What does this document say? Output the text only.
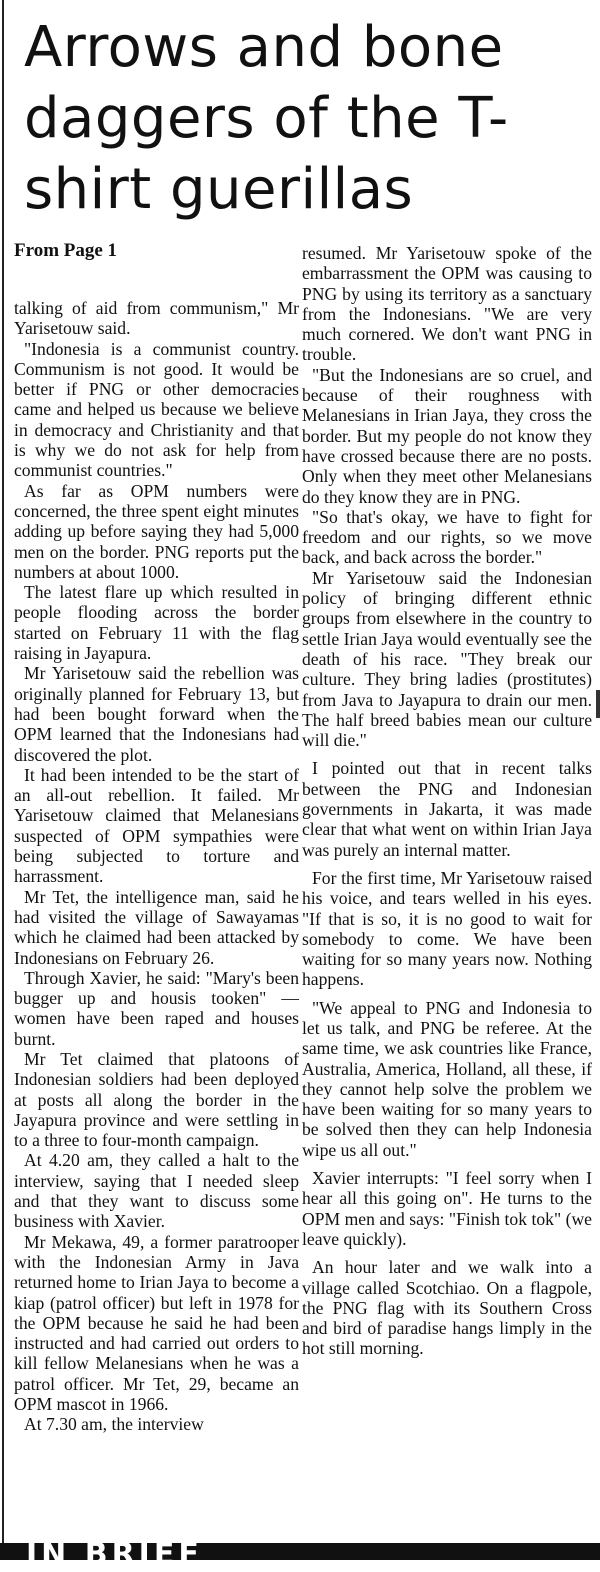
Arrows and bone daggers of the T-shirt guerillas
From Page 1

talking of aid from communism," Mr Yarisetouw said.

"Indonesia is a communist country. Communism is not good. It would be better if PNG or other democracies came and helped us because we believe in democracy and Christianity and that is why we do not ask for help from communist countries."

As far as OPM numbers were concerned, the three spent eight minutes adding up before saying they had 5,000 men on the border. PNG reports put the numbers at about 1000.

The latest flare up which resulted in people flooding across the border started on February 11 with the flag raising in Jayapura.

Mr Yarisetouw said the rebellion was originally planned for February 13, but had been bought forward when the OPM learned that the Indonesians had discovered the plot.

It had been intended to be the start of an all-out rebellion. It failed. Mr Yarisetouw claimed that Melanesians suspected of OPM sympathies were being subjected to torture and harrassment.

Mr Tet, the intelligence man, said he had visited the village of Sawayamas which he claimed had been attacked by Indonesians on February 26.

Through Xavier, he said: "Mary's been bugger up and housis tooken" — women have been raped and houses burnt.

Mr Tet claimed that platoons of Indonesian soldiers had been deployed at posts all along the border in the Jayapura province and were settling in to a three to four-month campaign.

At 4.20 am, they called a halt to the interview, saying that I needed sleep and that they want to discuss some business with Xavier.

Mr Mekawa, 49, a former paratrooper with the Indonesian Army in Java returned home to Irian Jaya to become a kiap (patrol officer) but left in 1978 for the OPM because he said he had been instructed and had carried out orders to kill fellow Melanesians when he was a patrol officer. Mr Tet, 29, became an OPM mascot in 1966.

At 7.30 am, the interview

resumed. Mr Yarisetouw spoke of the embarrassment the OPM was causing to PNG by using its territory as a sanctuary from the Indonesians. "We are very much cornered. We don't want PNG in trouble.

"But the Indonesians are so cruel, and because of their roughness with Melanesians in Irian Jaya, they cross the border. But my people do not know they have crossed because there are no posts. Only when they meet other Melanesians do they know they are in PNG.

"So that's okay, we have to fight for freedom and our rights, so we move back, and back across the border."

Mr Yarisetouw said the Indonesian policy of bringing different ethnic groups from elsewhere in the country to settle Irian Jaya would eventually see the death of his race. "They break our culture. They bring ladies (prostitutes) from Java to Jayapura to drain our men. The half breed babies mean our culture will die."

I pointed out that in recent talks between the PNG and Indonesian governments in Jakarta, it was made clear that what went on within Irian Jaya was purely an internal matter.

For the first time, Mr Yarisetouw raised his voice, and tears welled in his eyes. "If that is so, it is no good to wait for somebody to come. We have been waiting for so many years now. Nothing happens.

"We appeal to PNG and Indonesia to let us talk, and PNG be referee. At the same time, we ask countries like France, Australia, America, Holland, all these, if they cannot help solve the problem we have been waiting for so many years to be solved then they can help Indonesia wipe us all out."

Xavier interrupts: "I feel sorry when I hear all this going on". He turns to the OPM men and says: "Finish tok tok" (we leave quickly).

An hour later and we walk into a village called Scotchiao. On a flagpole, the PNG flag with its Southern Cross and bird of paradise hangs limply in the hot still morning.

IN BRIEF
